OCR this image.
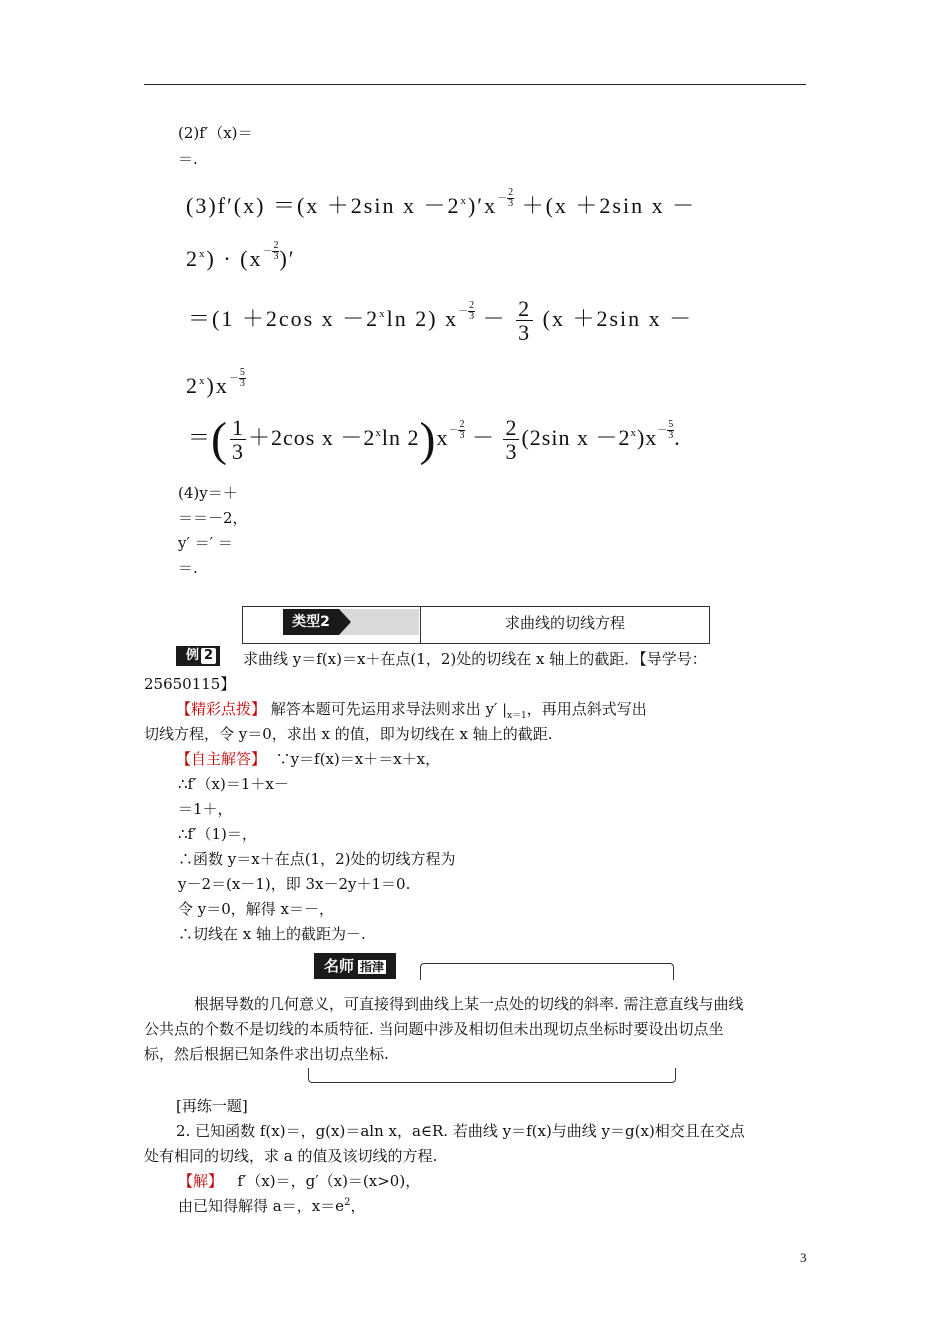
(2)f′（x)＝
＝.
(3)f′(x) ＝(x ＋2sin $x -2^x)'x- \frac{2}{3} +(x +2\sin$ x －
$2^x) \cdot (x- \frac{2}{3})'$
＝(1 ＋2cos $x -2^x\ln$ 2) $x- \frac{2}{3} - \frac{2}{3} (x +2\sin$ x －
$2^x)x- \frac{5}{3}$
＝( $\frac{1}{3} +2\cos$ $x -2^x\ln$ $2)x- \frac{2}{3} - \frac{2}{3} (2\sin$ $x -2^x)x- \frac{5}{3}$.
(4)y＝＋
＝＝－2，
y′ ＝′ ＝
＝.
类型2	求曲线的切线方程
例 2	求曲线 y＝f(x)＝x＋在点(1，2)处的切线在 x 轴上的截距．【导学号：
25650115】
【精彩点拨】 解答本题可先运用求导法则求出 y′ $|_{x=1}$，再用点斜式写出
切线方程，令 y＝0，求出 x 的值，即为切线在 x 轴上的截距.
【自主解答】 ∵y＝f(x)＝x＋＝x＋x，
∴f′（x)＝1＋x－
＝1＋，
∴f′（1)＝，
∴函数 y＝x＋在点(1，2)处的切线方程为
y－2＝(x－1)，即 3x－2y＋1＝0.
令 y＝0，解得 x＝－，
∴切线在 x 轴上的截距为－.
名师 指津
根据导数的几何意义，可直接得到曲线上某一点处的切线的斜率. 需注意直线与曲线
公共点的个数不是切线的本质特征. 当问题中涉及相切但未出现切点坐标时要设出切点坐
标，然后根据已知条件求出切点坐标.
[再练一题]
2. 已知函数 f(x)＝，g(x)＝aln x，a∈R. 若曲线 y＝f(x)与曲线 y＝g(x)相交且在交点
处有相同的切线，求 a 的值及该切线的方程.
【解】 f′（x)＝，g′（x)＝(x>0)，
由已知得解得 a＝，$x=e^2$，
3
